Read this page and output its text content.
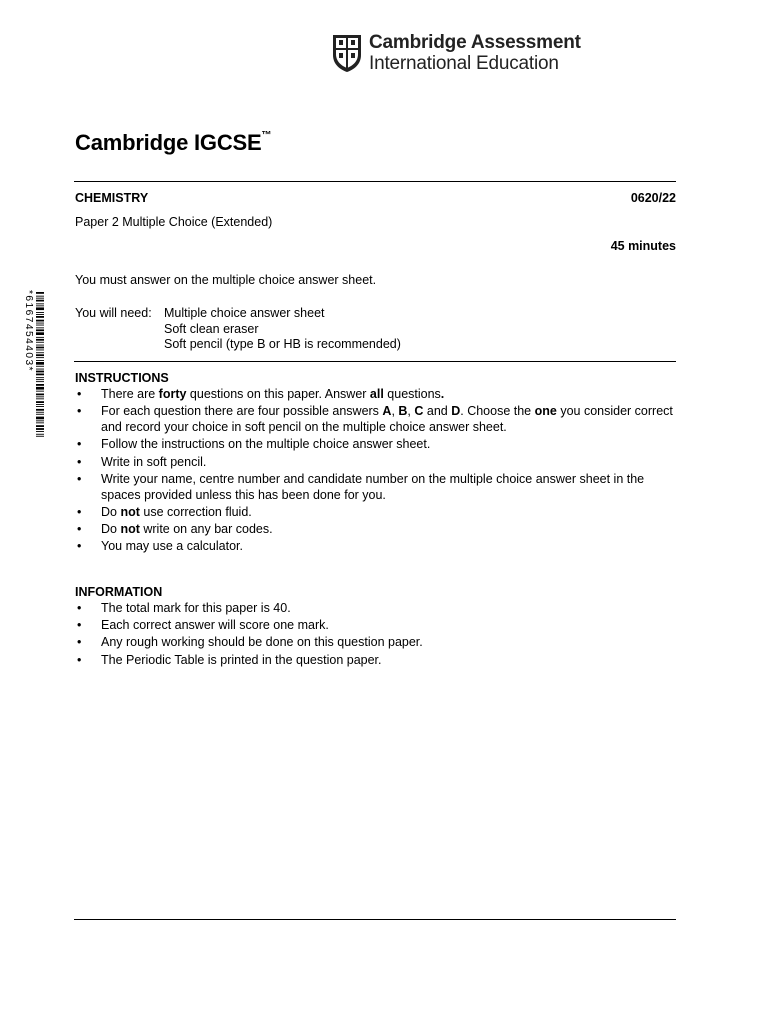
Cambridge Assessment
International Education
Cambridge IGCSE™
CHEMISTRY	0620/22
Paper 2 Multiple Choice (Extended)
45 minutes
You must answer on the multiple choice answer sheet.
You will need: Multiple choice answer sheet
Soft clean eraser
Soft pencil (type B or HB is recommended)
*6167454403*
INSTRUCTIONS
• There are forty questions on this paper. Answer all questions.
• For each question there are four possible answers A, B, C and D. Choose the one you consider correct and record your choice in soft pencil on the multiple choice answer sheet.
• Follow the instructions on the multiple choice answer sheet.
• Write in soft pencil.
• Write your name, centre number and candidate number on the multiple choice answer sheet in the spaces provided unless this has been done for you.
• Do not use correction fluid.
• Do not write on any bar codes.
• You may use a calculator.
INFORMATION
• The total mark for this paper is 40.
• Each correct answer will score one mark.
• Any rough working should be done on this question paper.
• The Periodic Table is printed in the question paper.
